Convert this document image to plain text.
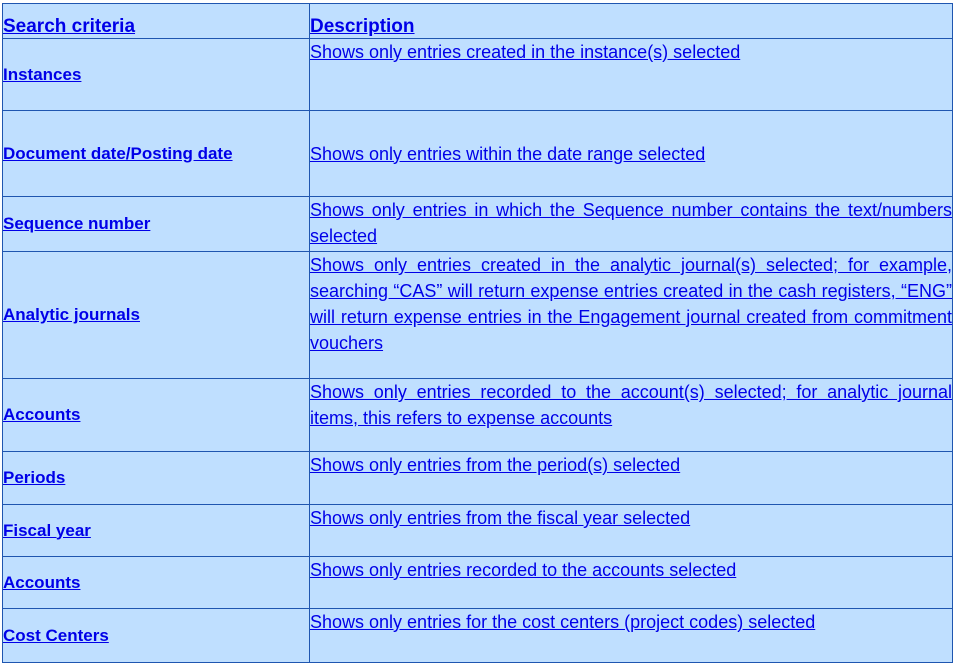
Search criteria	Description
Instances	Shows only entries created in the instance(s) selected
Document date/Posting date	Shows only entries within the date range selected
Sequence number	Shows only entries in which the Sequence number contains the text/numbers selected
Analytic journals	Shows only entries created in the analytic journal(s) selected; for example, searching “CAS” will return expense entries created in the cash registers, “ENG” will return expense entries in the Engagement journal created from commitment vouchers
Accounts	Shows only entries recorded to the account(s) selected; for analytic journal items, this refers to expense accounts
Periods	Shows only entries from the period(s) selected
Fiscal year	Shows only entries from the fiscal year selected
Accounts	Shows only entries recorded to the accounts selected
Cost Centers	Shows only entries for the cost centers (project codes) selected
